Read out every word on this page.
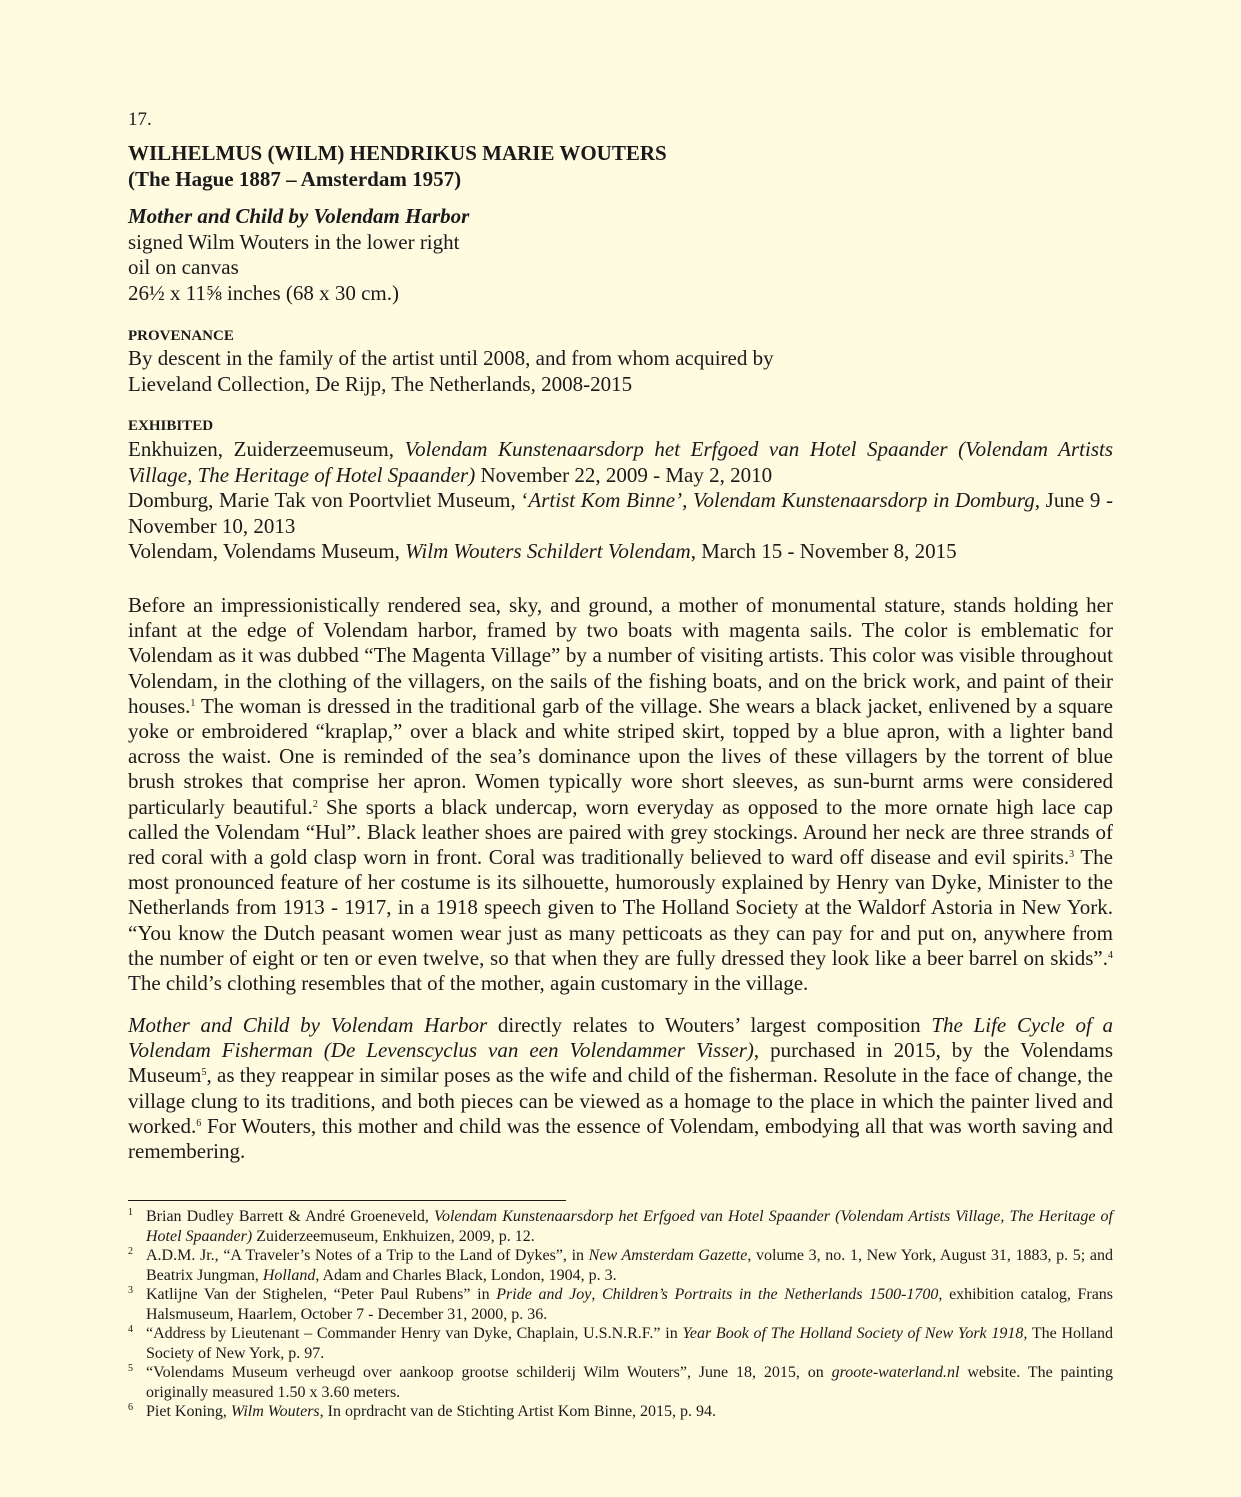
17.
WILHELMUS (WILM) HENDRIKUS MARIE WOUTERS
(The Hague 1887 – Amsterdam 1957)
Mother and Child by Volendam Harbor
signed Wilm Wouters in the lower right
oil on canvas
26½ x 11⅝ inches (68 x 30 cm.)
PROVENANCE
By descent in the family of the artist until 2008, and from whom acquired by
Lieveland Collection, De Rijp, The Netherlands, 2008-2015
EXHIBITED
Enkhuizen, Zuiderzeemuseum, Volendam Kunstenaarsdorp het Erfgoed van Hotel Spaander (Volendam Artists Village, The Heritage of Hotel Spaander) November 22, 2009 - May 2, 2010
Domburg, Marie Tak von Poortvliet Museum, ‘Artist Kom Binne’, Volendam Kunstenaarsdorp in Domburg, June 9 - November 10, 2013
Volendam, Volendams Museum, Wilm Wouters Schildert Volendam, March 15 - November 8, 2015
Before an impressionistically rendered sea, sky, and ground, a mother of monumental stature, stands holding her infant at the edge of Volendam harbor, framed by two boats with magenta sails. The color is emblematic for Volendam as it was dubbed “The Magenta Village” by a number of visiting artists. This color was visible throughout Volendam, in the clothing of the villagers, on the sails of the fishing boats, and on the brick work, and paint of their houses.$^1$ The woman is dressed in the traditional garb of the village. She wears a black jacket, enlivened by a square yoke or embroidered “kraplap,” over a black and white striped skirt, topped by a blue apron, with a lighter band across the waist. One is reminded of the sea’s dominance upon the lives of these villagers by the torrent of blue brush strokes that comprise her apron. Women typically wore short sleeves, as sun-burnt arms were considered particularly beautiful.$^2$ She sports a black undercap, worn everyday as opposed to the more ornate high lace cap called the Volendam “Hul”. Black leather shoes are paired with grey stockings. Around her neck are three strands of red coral with a gold clasp worn in front. Coral was traditionally believed to ward off disease and evil spirits.$^3$ The most pronounced feature of her costume is its silhouette, humorously explained by Henry van Dyke, Minister to the Netherlands from 1913 - 1917, in a 1918 speech given to The Holland Society at the Waldorf Astoria in New York. “You know the Dutch peasant women wear just as many petticoats as they can pay for and put on, anywhere from the number of eight or ten or even twelve, so that when they are fully dressed they look like a beer barrel on skids”.$^4$ The child’s clothing resembles that of the mother, again customary in the village.
Mother and Child by Volendam Harbor directly relates to Wouters’ largest composition The Life Cycle of a Volendam Fisherman (De Levenscyclus van een Volendammer Visser), purchased in 2015, by the Volendams Museum$^5$, as they reappear in similar poses as the wife and child of the fisherman. Resolute in the face of change, the village clung to its traditions, and both pieces can be viewed as a homage to the place in which the painter lived and worked.$^6$ For Wouters, this mother and child was the essence of Volendam, embodying all that was worth saving and remembering.
1 Brian Dudley Barrett & André Groeneveld, Volendam Kunstenaarsdorp het Erfgoed van Hotel Spaander (Volendam Artists Village, The Heritage of Hotel Spaander) Zuiderzeemuseum, Enkhuizen, 2009, p. 12.
2 A.D.M. Jr., “A Traveler’s Notes of a Trip to the Land of Dykes”, in New Amsterdam Gazette, volume 3, no. 1, New York, August 31, 1883, p. 5; and Beatrix Jungman, Holland, Adam and Charles Black, London, 1904, p. 3.
3 Katlijne Van der Stighelen, “Peter Paul Rubens” in Pride and Joy, Children’s Portraits in the Netherlands 1500-1700, exhibition catalog, Frans Halsmuseum, Haarlem, October 7 - December 31, 2000, p. 36.
4 “Address by Lieutenant – Commander Henry van Dyke, Chaplain, U.S.N.R.F.” in Year Book of The Holland Society of New York 1918, The Holland Society of New York, p. 97.
5 “Volendams Museum verheugd over aankoop grootse schilderij Wilm Wouters”, June 18, 2015, on groote-waterland.nl website. The painting originally measured 1.50 x 3.60 meters.
6 Piet Koning, Wilm Wouters, In oprdracht van de Stichting Artist Kom Binne, 2015, p. 94.
